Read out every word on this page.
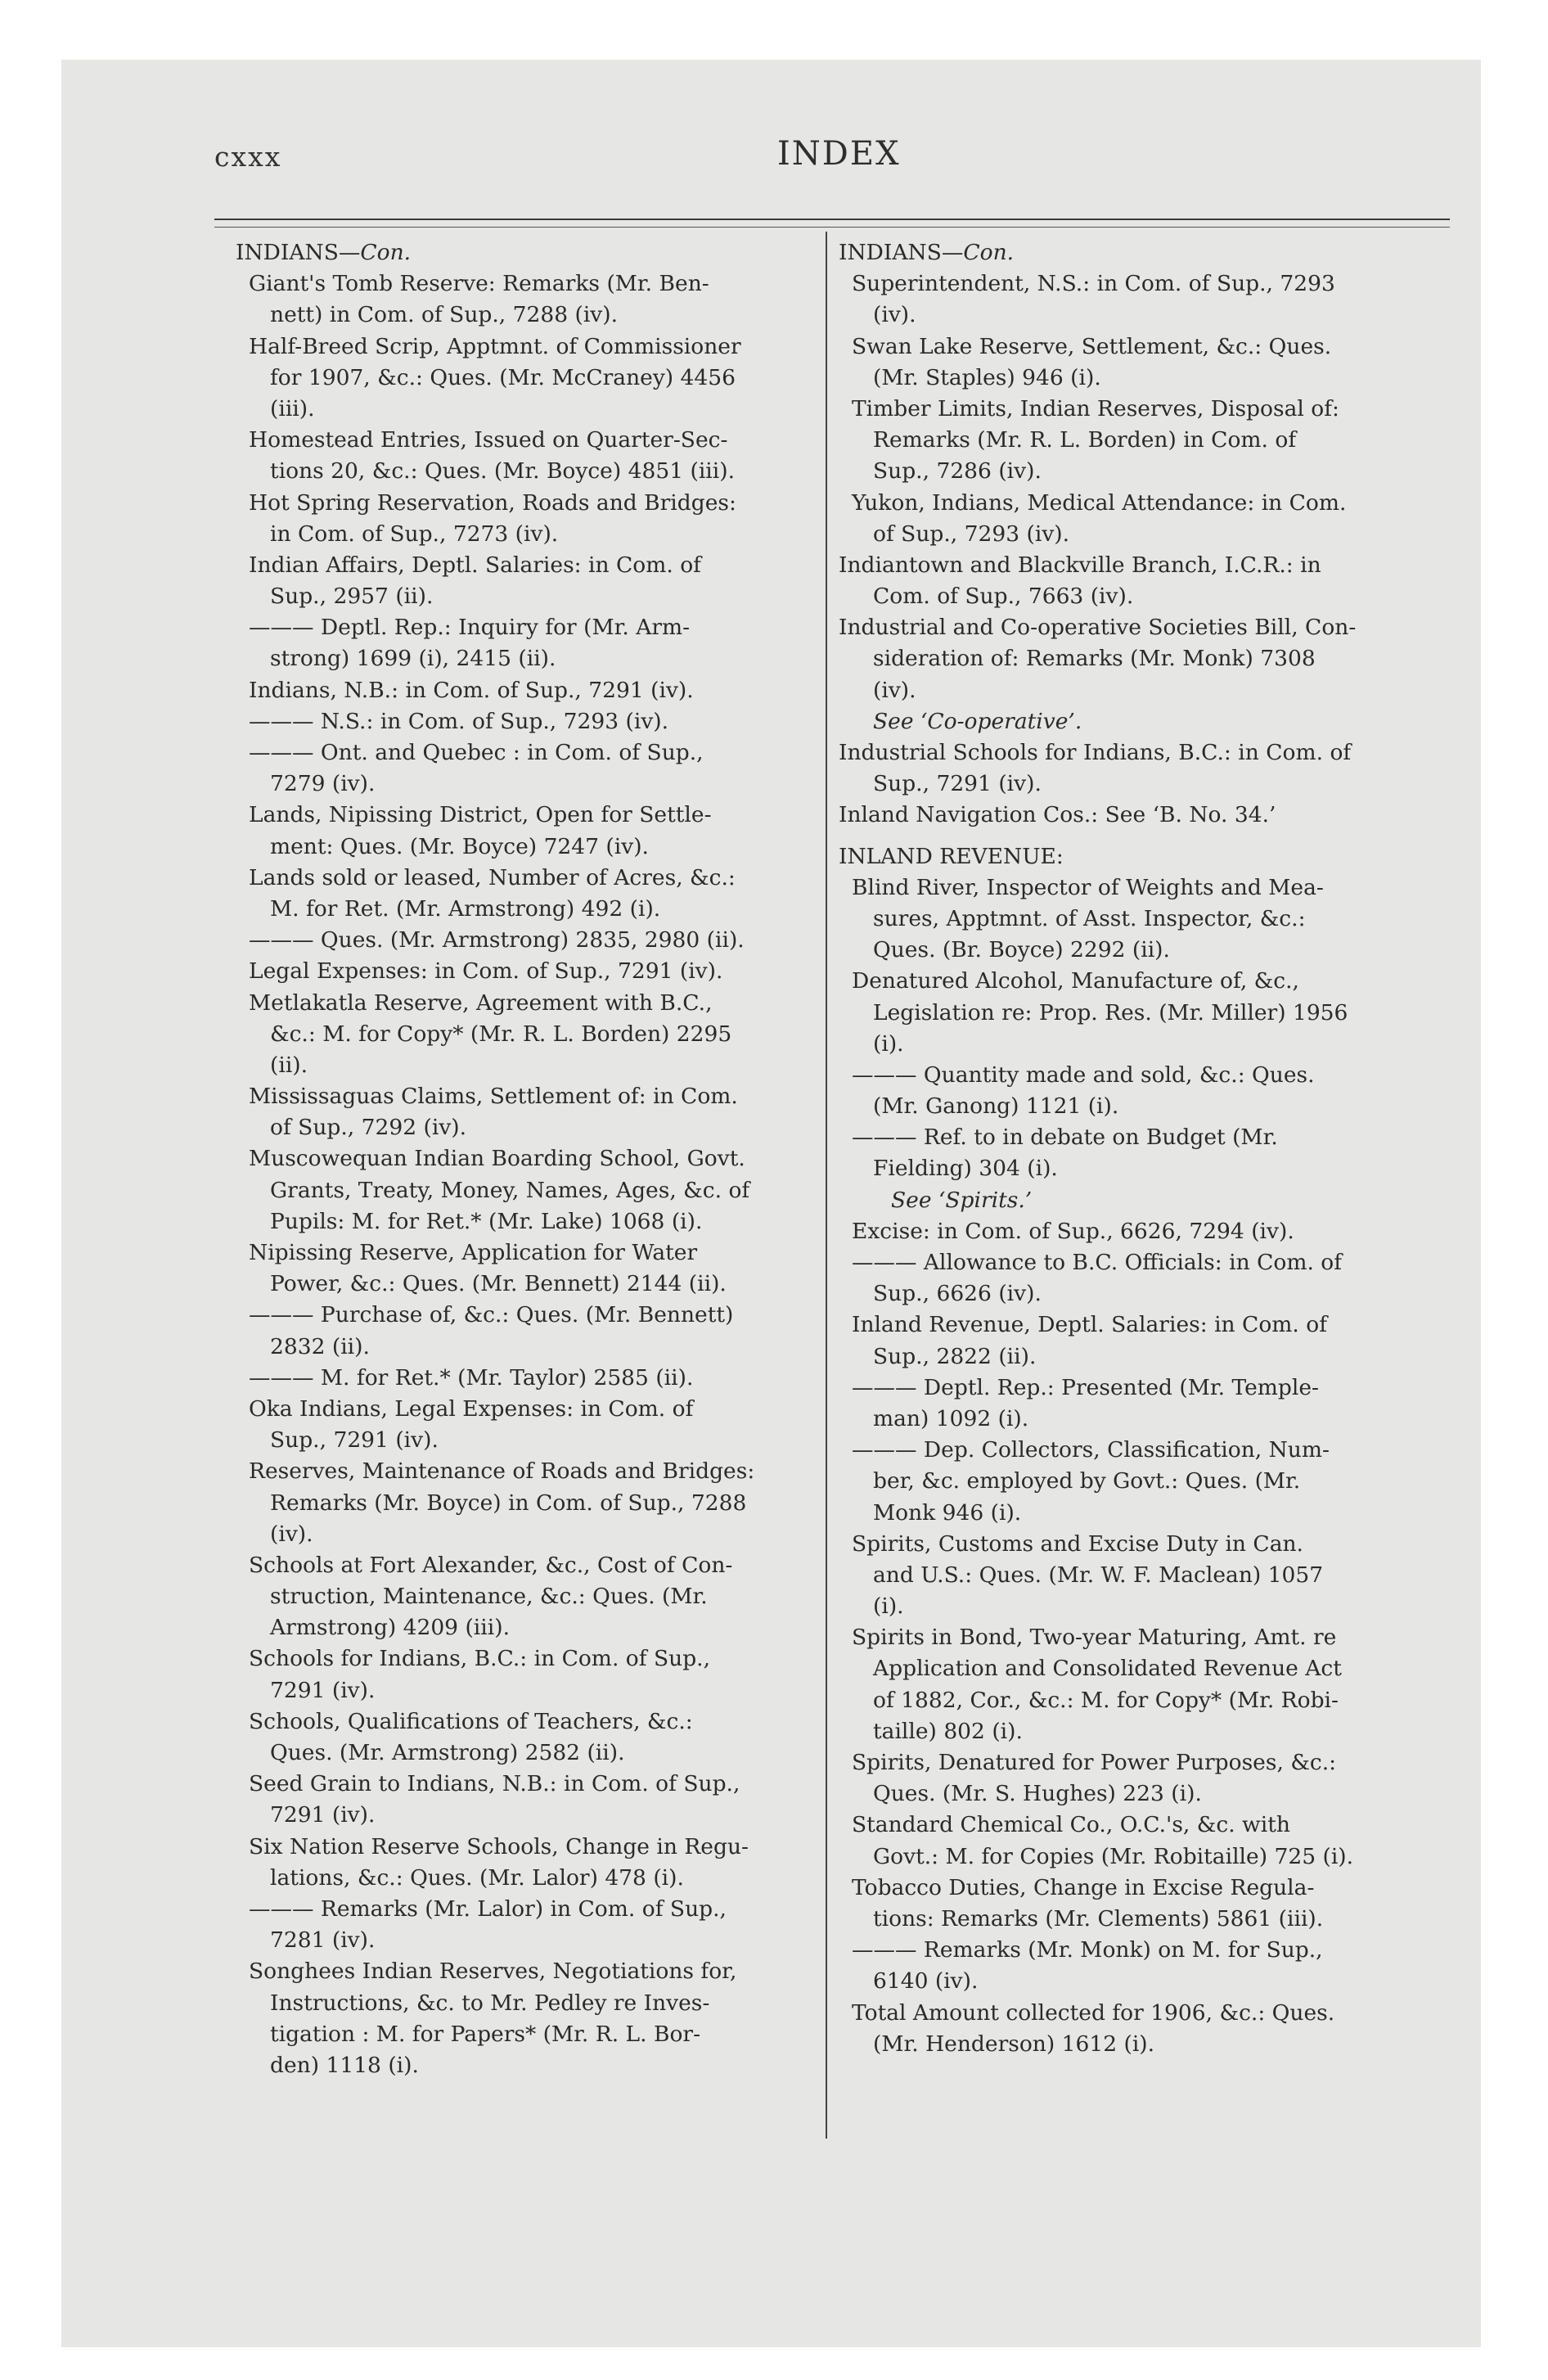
cxxx	INDEX
INDIANS—Con.
Giant's Tomb Reserve: Remarks (Mr. Ben-
nett) in Com. of Sup., 7288 (iv).
Half-Breed Scrip, Apptmnt. of Commissioner
for 1907, &c.: Ques. (Mr. McCraney) 4456
(iii).
Homestead Entries, Issued on Quarter-Sec-
tions 20, &c.: Ques. (Mr. Boyce) 4851 (iii).
Hot Spring Reservation, Roads and Bridges:
in Com. of Sup., 7273 (iv).
Indian Affairs, Deptl. Salaries: in Com. of
Sup., 2957 (ii).
——— Deptl. Rep.: Inquiry for (Mr. Arm-
strong) 1699 (i), 2415 (ii).
Indians, N.B.: in Com. of Sup., 7291 (iv).
——— N.S.: in Com. of Sup., 7293 (iv).
——— Ont. and Quebec : in Com. of Sup.,
7279 (iv).
Lands, Nipissing District, Open for Settle-
ment: Ques. (Mr. Boyce) 7247 (iv).
Lands sold or leased, Number of Acres, &c.:
M. for Ret. (Mr. Armstrong) 492 (i).
——— Ques. (Mr. Armstrong) 2835, 2980 (ii).
Legal Expenses: in Com. of Sup., 7291 (iv).
Metlakatla Reserve, Agreement with B.C.,
&c.: M. for Copy* (Mr. R. L. Borden) 2295
(ii).
Mississaguas Claims, Settlement of: in Com.
of Sup., 7292 (iv).
Muscowequan Indian Boarding School, Govt.
Grants, Treaty, Money, Names, Ages, &c. of
Pupils: M. for Ret.* (Mr. Lake) 1068 (i).
Nipissing Reserve, Application for Water
Power, &c.: Ques. (Mr. Bennett) 2144 (ii).
——— Purchase of, &c.: Ques. (Mr. Bennett)
2832 (ii).
——— M. for Ret.* (Mr. Taylor) 2585 (ii).
Oka Indians, Legal Expenses: in Com. of
Sup., 7291 (iv).
Reserves, Maintenance of Roads and Bridges:
Remarks (Mr. Boyce) in Com. of Sup., 7288
(iv).
Schools at Fort Alexander, &c., Cost of Con-
struction, Maintenance, &c.: Ques. (Mr.
Armstrong) 4209 (iii).
Schools for Indians, B.C.: in Com. of Sup.,
7291 (iv).
Schools, Qualifications of Teachers, &c.:
Ques. (Mr. Armstrong) 2582 (ii).
Seed Grain to Indians, N.B.: in Com. of Sup.,
7291 (iv).
Six Nation Reserve Schools, Change in Regu-
lations, &c.: Ques. (Mr. Lalor) 478 (i).
——— Remarks (Mr. Lalor) in Com. of Sup.,
7281 (iv).
Songhees Indian Reserves, Negotiations for,
Instructions, &c. to Mr. Pedley re Inves-
tigation : M. for Papers* (Mr. R. L. Bor-
den) 1118 (i).
INDIANS—Con.
Superintendent, N.S.: in Com. of Sup., 7293
(iv).
Swan Lake Reserve, Settlement, &c.: Ques.
(Mr. Staples) 946 (i).
Timber Limits, Indian Reserves, Disposal of:
Remarks (Mr. R. L. Borden) in Com. of
Sup., 7286 (iv).
Yukon, Indians, Medical Attendance: in Com.
of Sup., 7293 (iv).
Indiantown and Blackville Branch, I.C.R.: in
Com. of Sup., 7663 (iv).
Industrial and Co-operative Societies Bill, Con-
sideration of: Remarks (Mr. Monk) 7308
(iv).
See ‘Co-operative’.
Industrial Schools for Indians, B.C.: in Com. of
Sup., 7291 (iv).
Inland Navigation Cos.: See ‘B. No. 34.’
INLAND REVENUE:
Blind River, Inspector of Weights and Mea-
sures, Apptmnt. of Asst. Inspector, &c.:
Ques. (Br. Boyce) 2292 (ii).
Denatured Alcohol, Manufacture of, &c.,
Legislation re: Prop. Res. (Mr. Miller) 1956
(i).
——— Quantity made and sold, &c.: Ques.
(Mr. Ganong) 1121 (i).
——— Ref. to in debate on Budget (Mr.
Fielding) 304 (i).
See ‘Spirits.’
Excise: in Com. of Sup., 6626, 7294 (iv).
——— Allowance to B.C. Officials: in Com. of
Sup., 6626 (iv).
Inland Revenue, Deptl. Salaries: in Com. of
Sup., 2822 (ii).
——— Deptl. Rep.: Presented (Mr. Temple-
man) 1092 (i).
——— Dep. Collectors, Classification, Num-
ber, &c. employed by Govt.: Ques. (Mr.
Monk 946 (i).
Spirits, Customs and Excise Duty in Can.
and U.S.: Ques. (Mr. W. F. Maclean) 1057
(i).
Spirits in Bond, Two-year Maturing, Amt. re
Application and Consolidated Revenue Act
of 1882, Cor., &c.: M. for Copy* (Mr. Robi-
taille) 802 (i).
Spirits, Denatured for Power Purposes, &c.:
Ques. (Mr. S. Hughes) 223 (i).
Standard Chemical Co., O.C.'s, &c. with
Govt.: M. for Copies (Mr. Robitaille) 725 (i).
Tobacco Duties, Change in Excise Regula-
tions: Remarks (Mr. Clements) 5861 (iii).
——— Remarks (Mr. Monk) on M. for Sup.,
6140 (iv).
Total Amount collected for 1906, &c.: Ques.
(Mr. Henderson) 1612 (i).
